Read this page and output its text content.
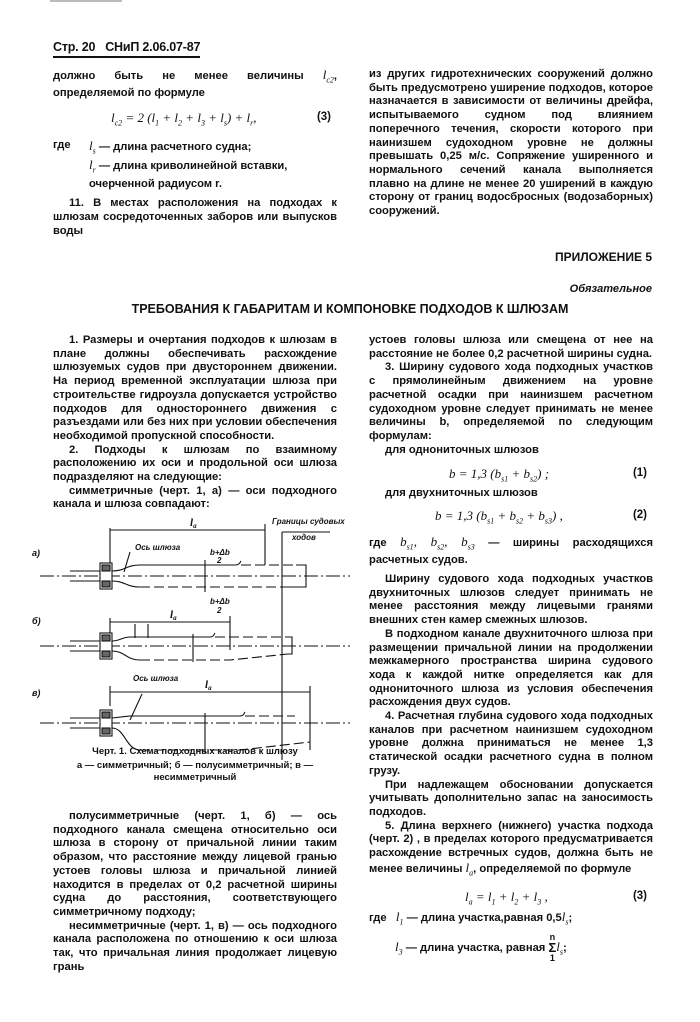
Стр. 20 СНиП 2.06.07-87

должно быть не менее величины $l_{c2}$, определяемой по формуле

$l_{c2} = 2$ $(l_1 + l_2 + l_3 + l_s) + l_r$,	(3)
где	$l_s$ — длина расчетного судна;
$l_r$ — длина криволинейной вставки, очерченной радиусом r.

11. В местах расположения на подходах к шлюзам сосредоточенных заборов или выпусков воды

из других гидротехнических сооружений должно быть предусмотрено уширение подходов, которое назначается в зависимости от величины дрейфа, испытываемого судном под влиянием поперечного течения, скорости которого при наинизшем судоходном уровне не должны превышать 0,25 м/с. Сопряжение уширенного и нормального сечений канала выполняется плавно на длине не менее 20 уширений в каждую сторону от границ водосбросных (водозаборных) сооружений.

ПРИЛОЖЕНИЕ 5
Обязательное
ТРЕБОВАНИЯ К ГАБАРИТАМ И КОМПОНОВКЕ ПОДХОДОВ К ШЛЮЗАМ

1. Размеры и очертания подходов к шлюзам в плане должны обеспечивать расхождение шлюзуемых судов при двустороннем движении. На период временной эксплуатации шлюза при строительстве гидроузла допускается устройство подходов для одностороннего движения с разъездами или без них при условии обеспечения необходимой пропускной способности.

2. Подходы к шлюзам по взаимному расположению их оси и продольной оси шлюза подразделяют на следующие:

симметричные (черт. 1, а) — оси подходного канала и шлюза совпадают:

а)
б)
в)
Ось шлюза
Ось шлюза
Границы судовых
ходов
la
la
la
b+Δb
2
b+Δb
2
Черт. 1. Схема подходных каналов к шлюзу
а — симметричный; б — полусимметричный; в — несимметричный

полусимметричные (черт. 1, б) — ось подходного канала смещена относительно оси шлюза в сторону от причальной линии таким образом, что расстояние между лицевой гранью устоев головы шлюза и причальной линией находится в пределах от 0,2 расчетной ширины судна до расстояния, соответствующего симметричному подходу;

несимметричные (черт. 1, в) — ось подходного канала расположена по отношению к оси шлюза так, что причальная линия продолжает лицевую грань

устоев головы шлюза или смещена от нее на расстояние не более 0,2 расчетной ширины судна.

3. Ширину судового хода подходных участков с прямолинейным движением на уровне расчетной осадки при наинизшем расчетном судоходном уровне следует принимать не менее величины b, определяемой по следующим формулам:

для однониточных шлюзов

b = 1,3 $(b_{s1} + b_{s2})$ ;	(1)

для двухниточных шлюзов

b = 1,3 $(b_{s1} + b_{s2} + b_{s3})$ ,	(2)

где $b_{s1}$, $b_{s2}$, $b_{s3}$ — ширины расходящихся расчетных судов.

Ширину судового хода подходных участков двухниточных шлюзов следует принимать не менее расстояния между лицевыми гранями внешних стен камер смежных шлюзов.

В подходном канале двухниточного шлюза при размещении причальной линии на продолжении межкамерного пространства ширина судового хода к каждой нитке определяется как для однониточного шлюза из условия обеспечения расхождения двух судов.

4. Расчетная глубина судового хода подходных каналов при расчетном наинизшем судоходном уровне должна приниматься не менее 1,3 статической осадки расчетного судна в полном грузу.

При надлежащем обосновании допускается учитывать дополнительно запас на заносимость подходов.

5. Длина верхнего (нижнего) участка подхода (черт. 2) , в пределах которого предусматривается расхождение встречных судов, должна быть не менее величины $l_a$, определяемой по формуле

$l_a = l_1 + l_2 + l_3$ ,	(3)

где $l_1$ — длина участка,равная $0,5l_s$;

$l_3$ — длина участка, равная
n
Σ
1
$l_s$;
